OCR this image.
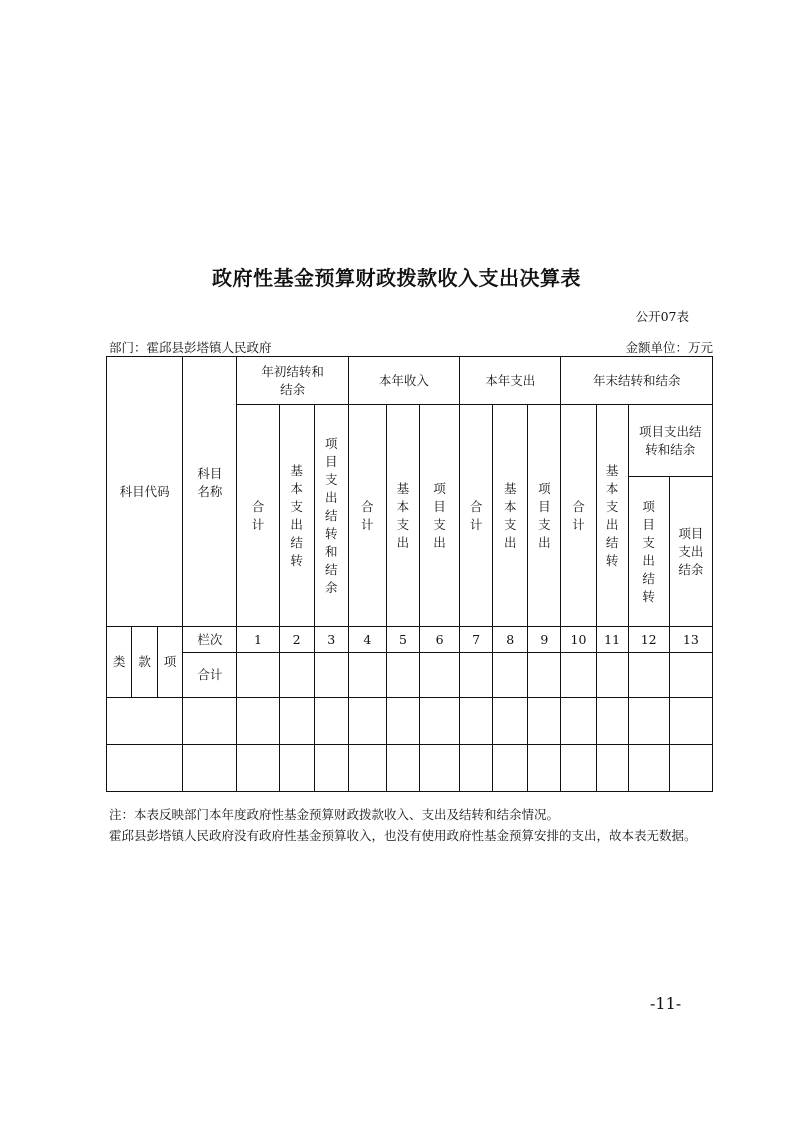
政府性基金预算财政拨款收入支出决算表
公开07表
部门：霍邱县彭塔镇人民政府	金额单位：万元
科目代码	科目名称	年初结转和结余			本年收入			本年支出			年末结转和结余			
		合计	基本支出结转	项目支出结转和结余	合计	基本支出	项目支出	合计	基本支出	项目支出	合计	基本支出结转	项目支出结转和结余	
													项目支出结转	项目支出结余

类 款 项	栏次	1	2	3	4	5	6	7	8	9	10	11	12	13
	合计													

注：本表反映部门本年度政府性基金预算财政拨款收入、支出及结转和结余情况。
霍邱县彭塔镇人民政府没有政府性基金预算收入，也没有使用政府性基金预算安排的支出，故本表无数据。
-11-
